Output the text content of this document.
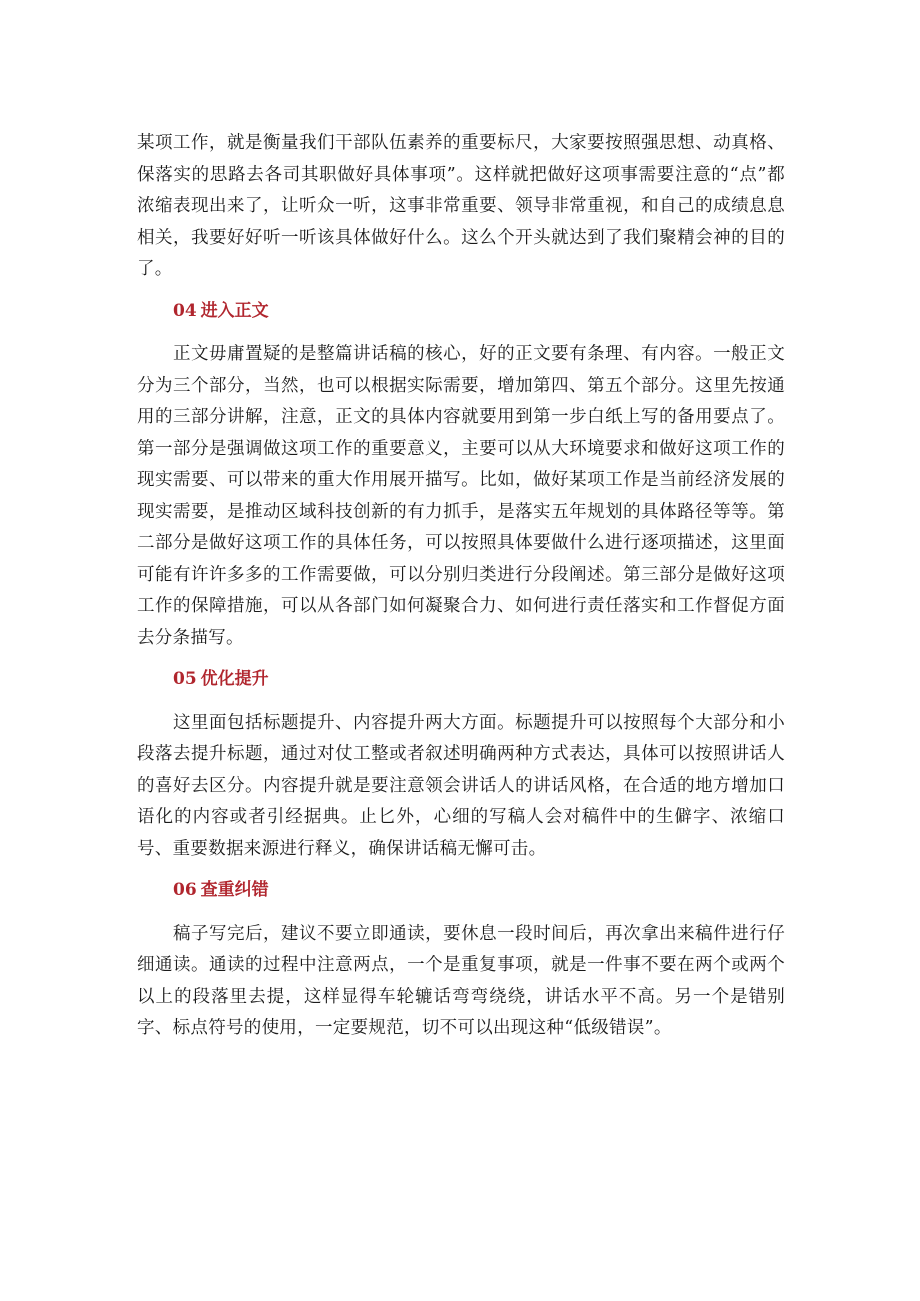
某项工作，就是衡量我们干部队伍素养的重要标尺，大家要按照强思想、动真格、保落实的思路去各司其职做好具体事项”。这样就把做好这项事需要注意的“点”都浓缩表现出来了，让听众一听，这事非常重要、领导非常重视，和自己的成绩息息相关，我要好好听一听该具体做好什么。这么个开头就达到了我们聚精会神的目的了。

04 进入正文

正文毋庸置疑的是整篇讲话稿的核心，好的正文要有条理、有内容。一般正文分为三个部分，当然，也可以根据实际需要，增加第四、第五个部分。这里先按通用的三部分讲解，注意，正文的具体内容就要用到第一步白纸上写的备用要点了。第一部分是强调做这项工作的重要意义，主要可以从大环境要求和做好这项工作的现实需要、可以带来的重大作用展开描写。比如，做好某项工作是当前经济发展的现实需要，是推动区域科技创新的有力抓手，是落实五年规划的具体路径等等。第二部分是做好这项工作的具体任务，可以按照具体要做什么进行逐项描述，这里面可能有许许多多的工作需要做，可以分别归类进行分段阐述。第三部分是做好这项工作的保障措施，可以从各部门如何凝聚合力、如何进行责任落实和工作督促方面去分条描写。

05 优化提升

这里面包括标题提升、内容提升两大方面。标题提升可以按照每个大部分和小段落去提升标题，通过对仗工整或者叙述明确两种方式表达，具体可以按照讲话人的喜好去区分。内容提升就是要注意领会讲话人的讲话风格，在合适的地方增加口语化的内容或者引经据典。止匕外，心细的写稿人会对稿件中的生僻字、浓缩口号、重要数据来源进行释义，确保讲话稿无懈可击。

06 查重纠错

稿子写完后，建议不要立即通读，要休息一段时间后，再次拿出来稿件进行仔细通读。通读的过程中注意两点，一个是重复事项，就是一件事不要在两个或两个以上的段落里去提，这样显得车轮辘话弯弯绕绕，讲话水平不高。另一个是错别字、标点符号的使用，一定要规范，切不可以出现这种“低级错误”。
